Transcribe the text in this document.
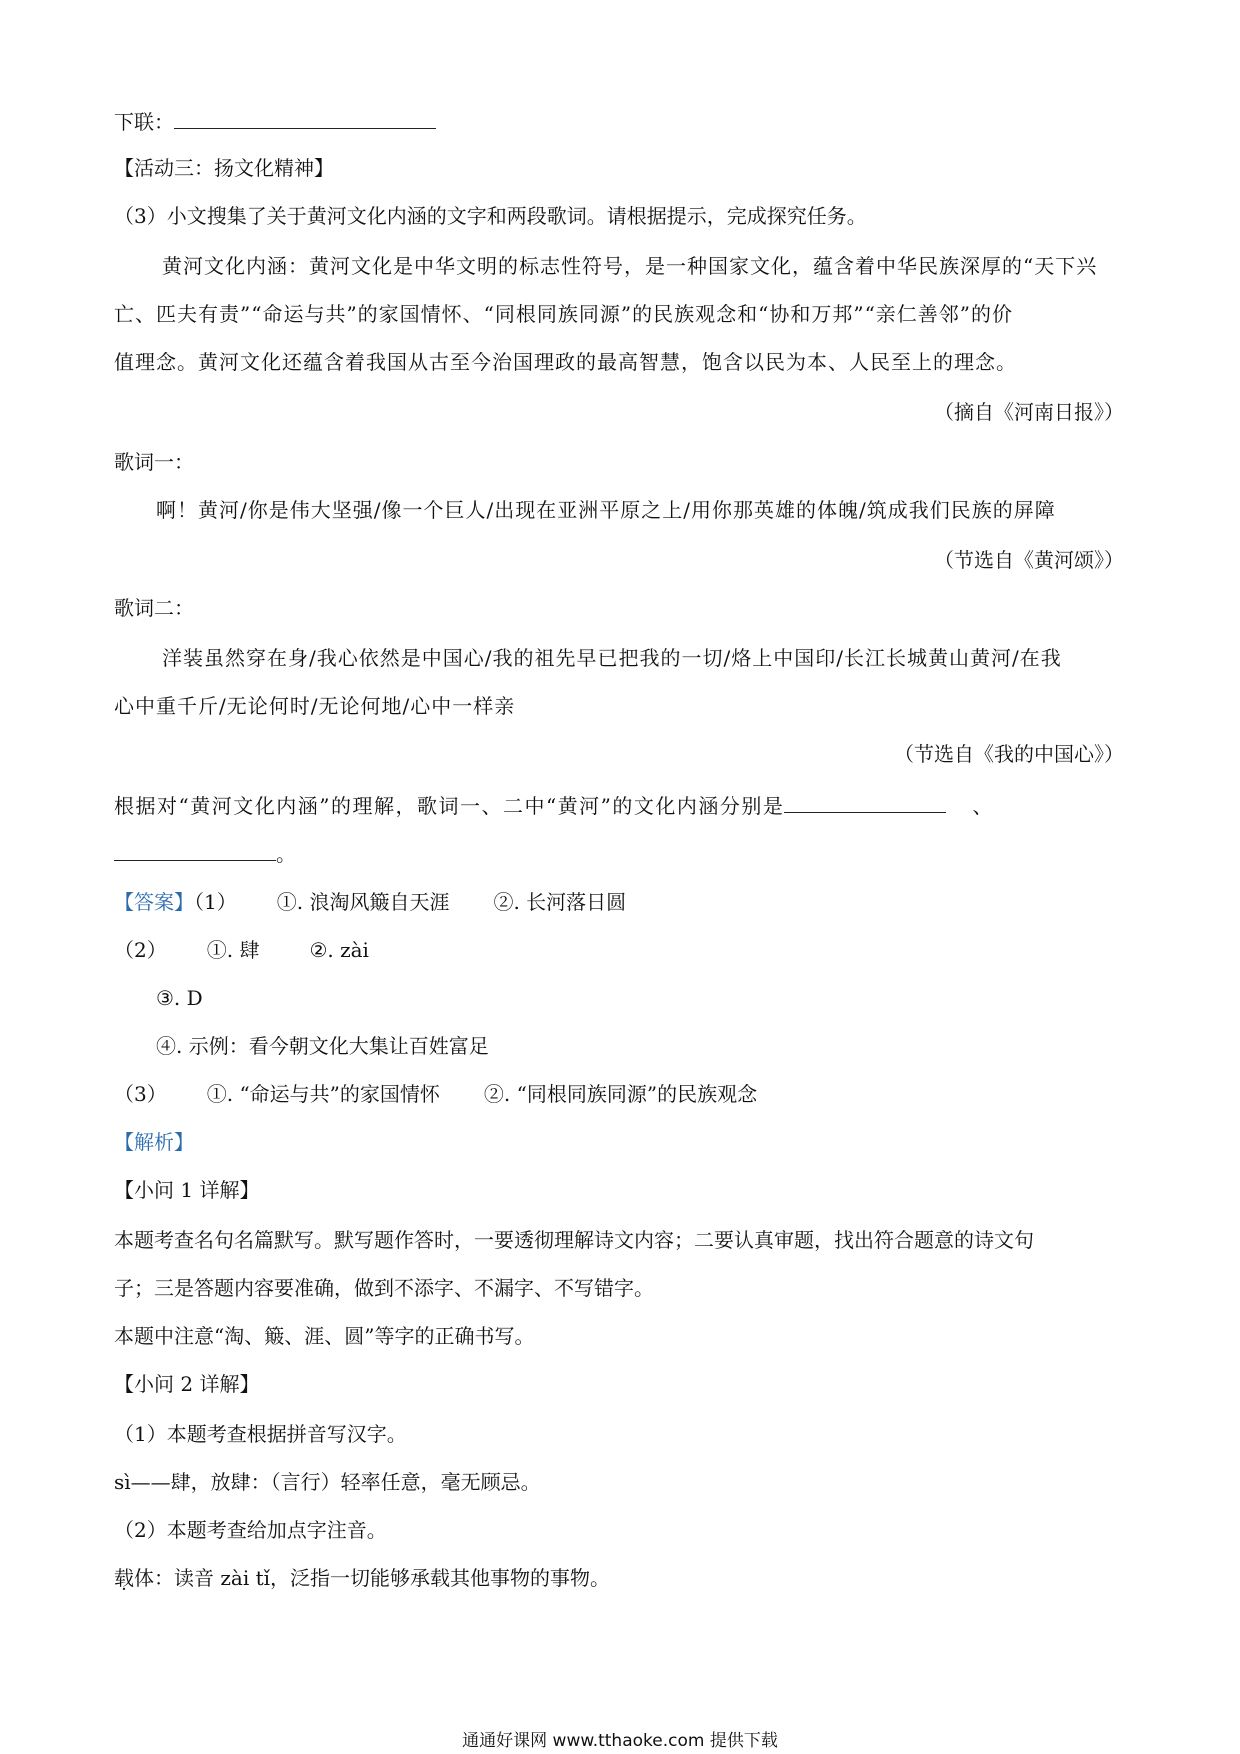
下联：
【活动三：扬文化精神】
（3）小文搜集了关于黄河文化内涵的文字和两段歌词。请根据提示，完成探究任务。
黄河文化内涵：黄河文化是中华文明的标志性符号，是一种国家文化，蕴含着中华民族深厚的“天下兴
亡、匹夫有责”“命运与共”的家国情怀、“同根同族同源”的民族观念和“协和万邦”“亲仁善邻”的价
值理念。黄河文化还蕴含着我国从古至今治国理政的最高智慧，饱含以民为本、人民至上的理念。
（摘自《河南日报》）
歌词一：
啊！黄河/你是伟大坚强/像一个巨人/出现在亚洲平原之上/用你那英雄的体魄/筑成我们民族的屏障
（节选自《黄河颂》）
歌词二：
洋装虽然穿在身/我心依然是中国心/我的祖先早已把我的一切/烙上中国印/长江长城黄山黄河/在我
心中重千斤/无论何时/无论何地/心中一样亲
（节选自《我的中国心》）
根据对“黄河文化内涵”的理解，歌词一、二中“黄河”的文化内涵分别是	、
。
【答案】（1） ①. 浪淘风簸自天涯 ②. 长河落日圆
（2） ①. 肆	②. zài
③. D
④. 示例：看今朝文化大集让百姓富足
（3） ①. “命运与共”的家国情怀 ②. “同根同族同源”的民族观念
【解析】
【小问 1 详解】
本题考查名句名篇默写。默写题作答时，一要透彻理解诗文内容；二要认真审题，找出符合题意的诗文句
子；三是答题内容要准确，做到不添字、不漏字、不写错字。
本题中注意“淘、簸、涯、圆”等字的正确书写。
【小问 2 详解】
（1）本题考查根据拼音写汉字。
sì——肆，放肆：（言行）轻率任意，毫无顾忌。
（2）本题考查给加点字注音。
载体：读音 zài tǐ，泛指一切能够承载其他事物的事物。
通通好课网 www.tthaoke.com 提供下载
